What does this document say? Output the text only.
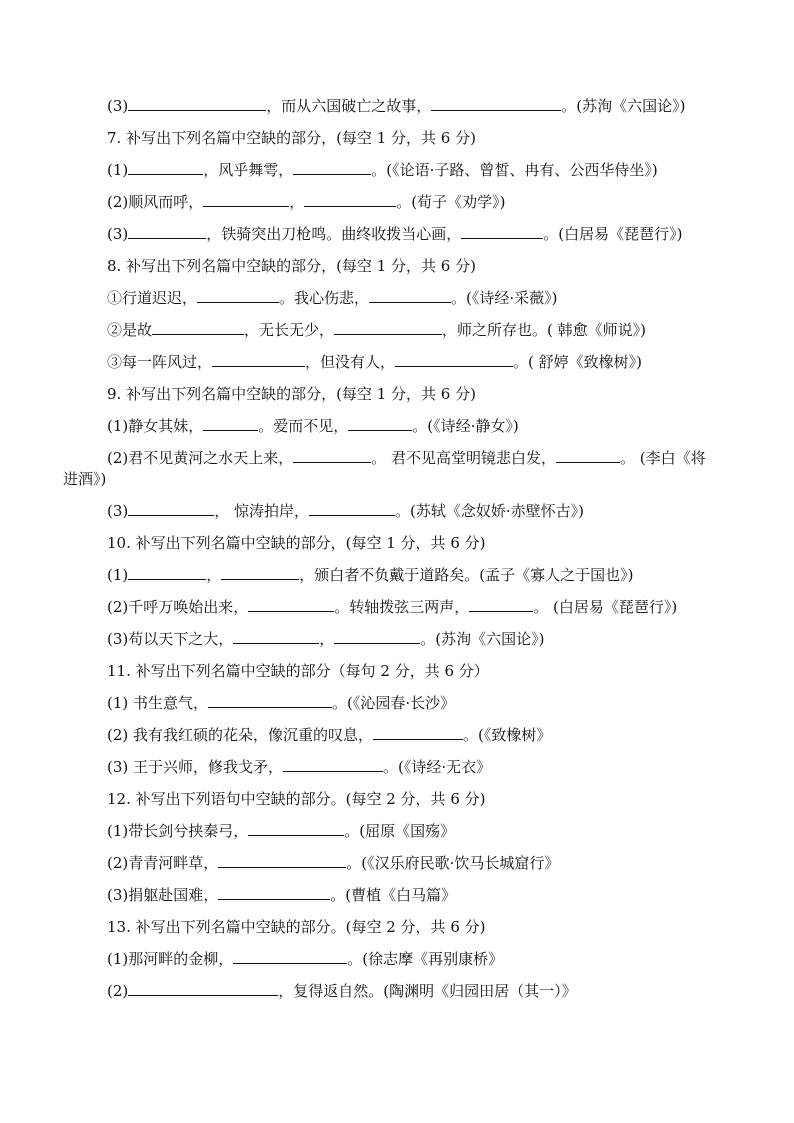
(3)	，而从六国破亡之故事，	。(苏洵《六国论》)
7. 补写出下列名篇中空缺的部分，(每空 1 分，共 6 分)
(1)	，风乎舞雩，	。(《论语·子路、曾皙、冉有、公西华侍坐》)
(2)顺风而呼，	，	。(荀子《劝学》)
(3)	，铁骑突出刀枪鸣。曲终收拨当心画，	。(白居易《琵琶行》)
8. 补写出下列名篇中空缺的部分，(每空 1 分，共 6 分)
①行道迟迟，	。我心伤悲，	。(《诗经·采薇》)
②是故	，无长无少，	，师之所存也。( 韩愈《师说》)
③每一阵风过，	，但没有人，	。( 舒婷《致橡树》)
9. 补写出下列名篇中空缺的部分，(每空 1 分，共 6 分)
(1)静女其妹，	。爱而不见，	。(《诗经·静女》)
(2)君不见黄河之水天上来，	。 君不见高堂明镜悲白发，	。 (李白《将
进酒》)
(3)	， 惊涛拍岸，	。(苏轼《念奴娇·赤壁怀古》)
10. 补写出下列名篇中空缺的部分，(每空 1 分，共 6 分)
(1)	，	，颁白者不负戴于道路矣。(孟子《寡人之于国也》)
(2)千呼万唤始出来，	。转轴拨弦三两声，	。 (白居易《琵琶行》)
(3)苟以天下之大，	，	。(苏洵《六国论》)
11. 补写出下列名篇中空缺的部分（每句 2 分，共 6 分）
(1) 书生意气，	。(《沁园春·长沙》
(2) 我有我红硕的花朵，像沉重的叹息，	。(《致橡树》
(3) 王于兴师，修我戈矛，	。(《诗经·无衣》
12. 补写出下列语句中空缺的部分。(每空 2 分，共 6 分)
(1)带长剑兮挟秦弓，	。(屈原《国殇》
(2)青青河畔草，	。(《汉乐府民歌·饮马长城窟行》
(3)捐躯赴国难，	。(曹植《白马篇》
13. 补写出下列名篇中空缺的部分。(每空 2 分，共 6 分)
(1)那河畔的金柳，	。(徐志摩《再别康桥》
(2)	，复得返自然。(陶渊明《归园田居（其一）》
